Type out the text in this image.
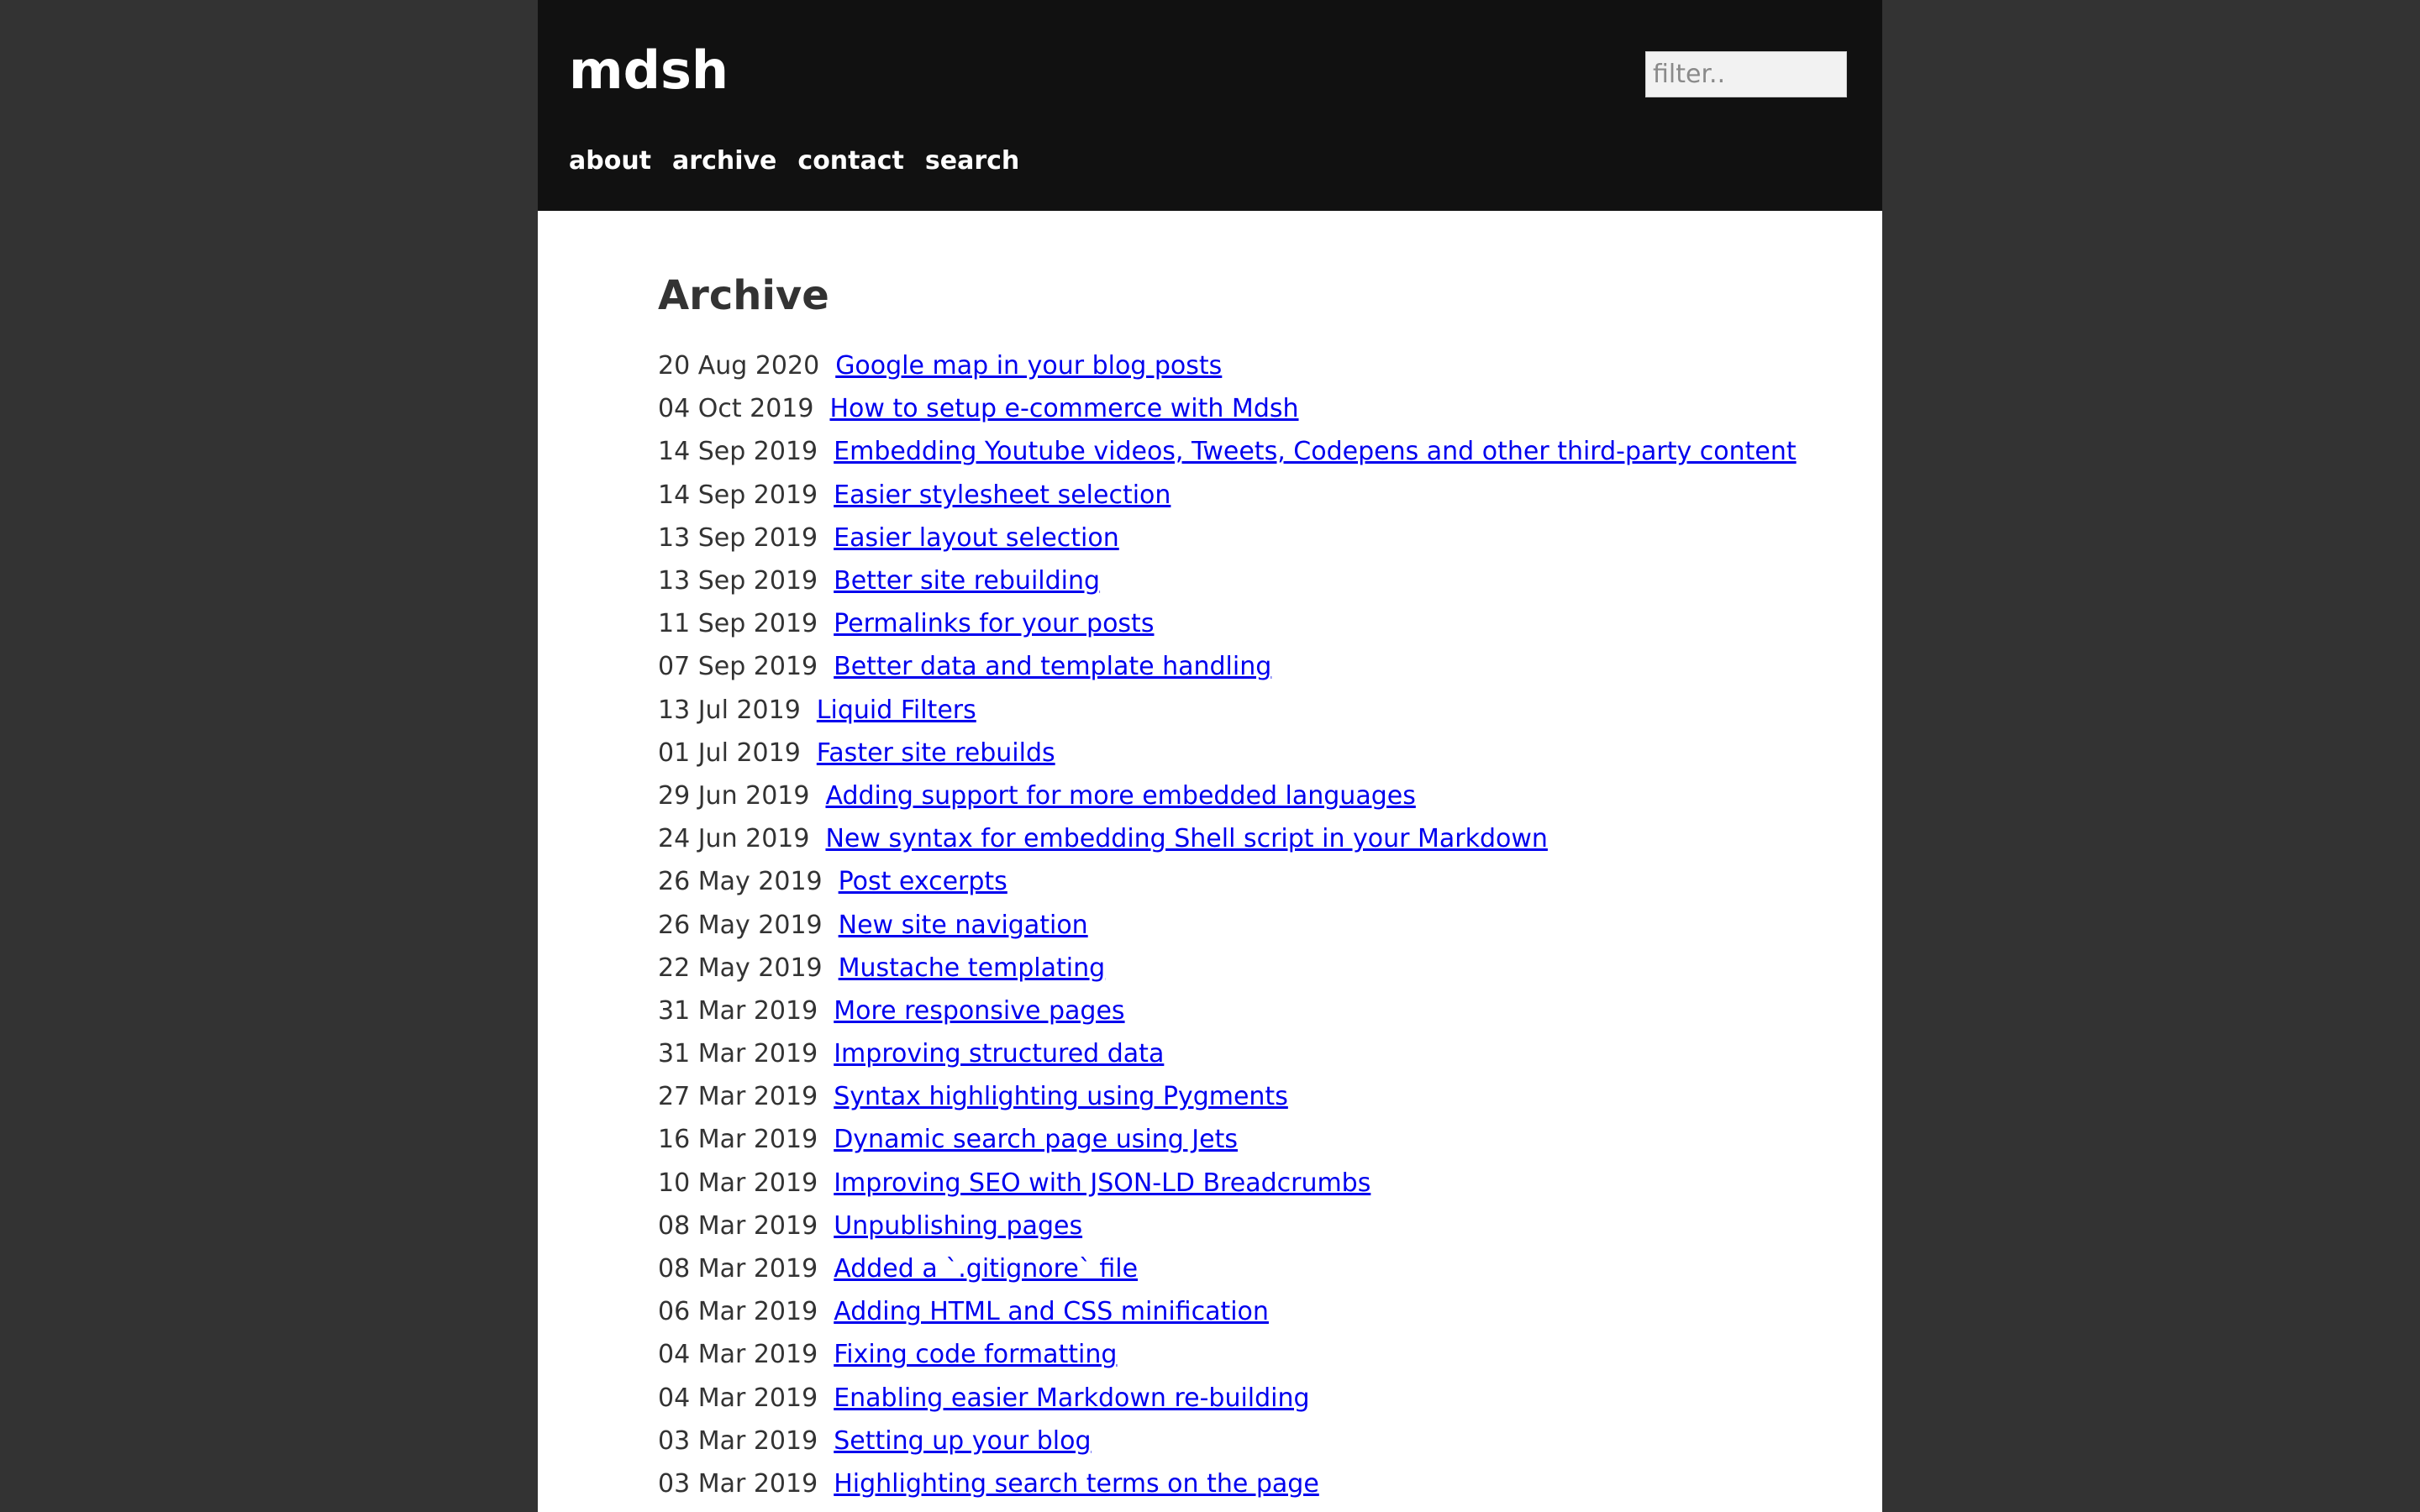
mdsh
filter..
about archive contact search
Archive
20 Aug 2020 Google map in your blog posts
04 Oct 2019 How to setup e-commerce with Mdsh
14 Sep 2019 Embedding Youtube videos, Tweets, Codepens and other third-party content
14 Sep 2019 Easier stylesheet selection
13 Sep 2019 Easier layout selection
13 Sep 2019 Better site rebuilding
11 Sep 2019 Permalinks for your posts
07 Sep 2019 Better data and template handling
13 Jul 2019 Liquid Filters
01 Jul 2019 Faster site rebuilds
29 Jun 2019 Adding support for more embedded languages
24 Jun 2019 New syntax for embedding Shell script in your Markdown
26 May 2019 Post excerpts
26 May 2019 New site navigation
22 May 2019 Mustache templating
31 Mar 2019 More responsive pages
31 Mar 2019 Improving structured data
27 Mar 2019 Syntax highlighting using Pygments
16 Mar 2019 Dynamic search page using Jets
10 Mar 2019 Improving SEO with JSON-LD Breadcrumbs
08 Mar 2019 Unpublishing pages
08 Mar 2019 Added a `.gitignore` file
06 Mar 2019 Adding HTML and CSS minification
04 Mar 2019 Fixing code formatting
04 Mar 2019 Enabling easier Markdown re-building
03 Mar 2019 Setting up your blog
03 Mar 2019 Highlighting search terms on the page
